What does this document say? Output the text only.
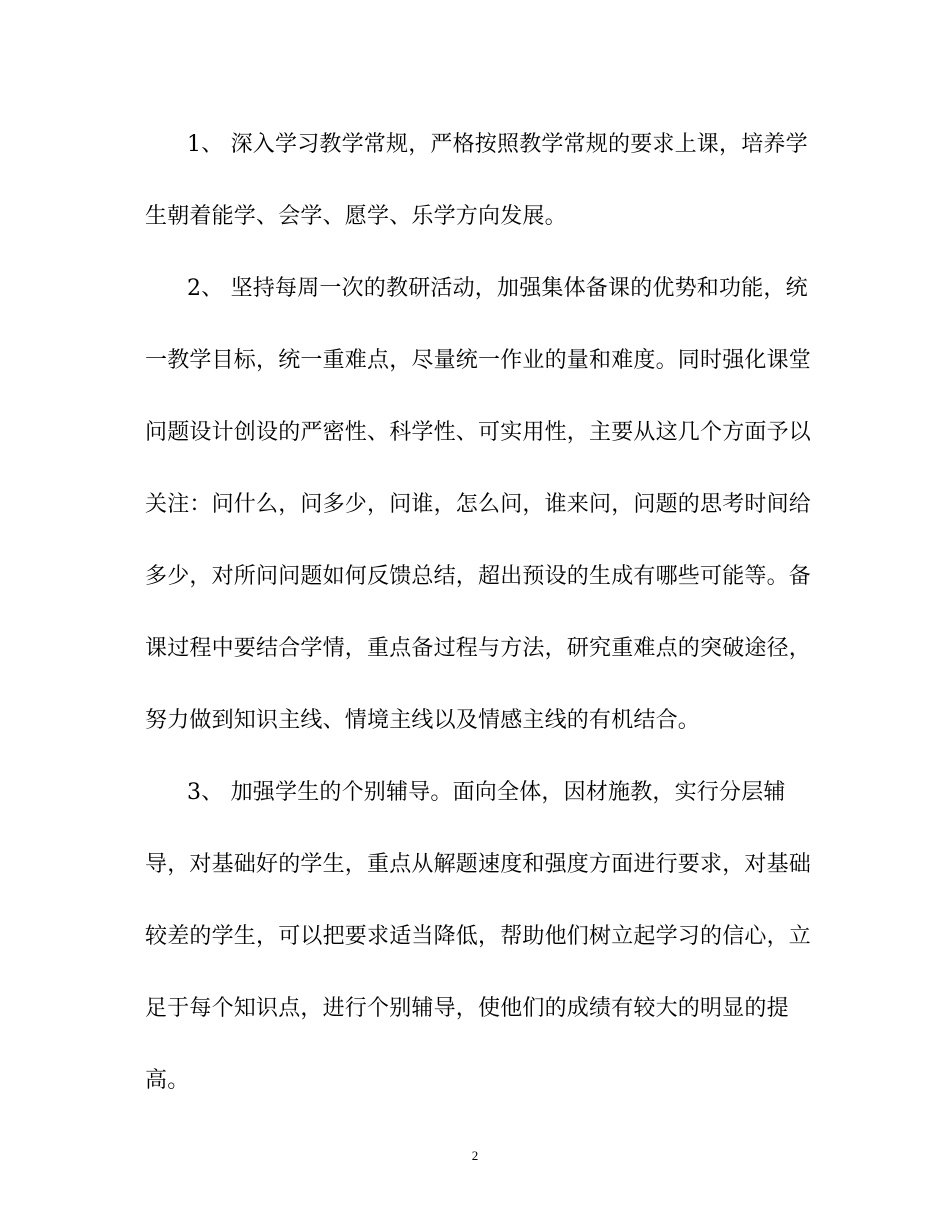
1、 深入学习教学常规，严格按照教学常规的要求上课，培养学
生朝着能学、会学、愿学、乐学方向发展。
2、 坚持每周一次的教研活动，加强集体备课的优势和功能，统
一教学目标，统一重难点，尽量统一作业的量和难度。同时强化课堂
问题设计创设的严密性、科学性、可实用性，主要从这几个方面予以
关注：问什么，问多少，问谁，怎么问，谁来问，问题的思考时间给
多少，对所问问题如何反馈总结，超出预设的生成有哪些可能等。备
课过程中要结合学情，重点备过程与方法，研究重难点的突破途径，
努力做到知识主线、情境主线以及情感主线的有机结合。
3、 加强学生的个别辅导。面向全体，因材施教，实行分层辅
导，对基础好的学生，重点从解题速度和强度方面进行要求，对基础
较差的学生，可以把要求适当降低，帮助他们树立起学习的信心，立
足于每个知识点，进行个别辅导，使他们的成绩有较大的明显的提
高。
2
